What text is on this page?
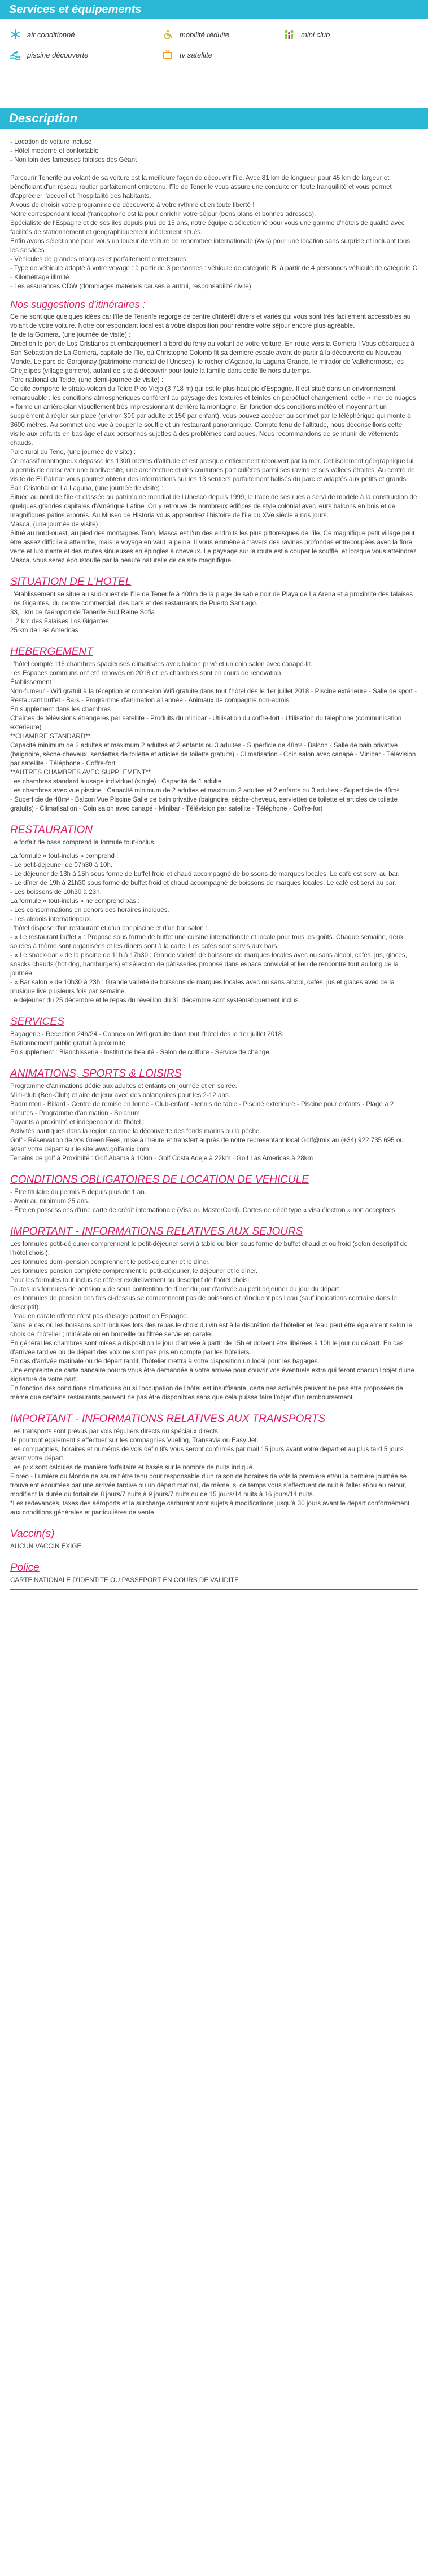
Services et équipements
air conditionné	mobilité réduite	mini club
piscine découverte	tv satellite
Description

- Location de voiture incluse

- Hôtel moderne et confortable

- Non loin des fameuses falaises des Géant

Parcourir Tenerife au volant de sa voiture est la meilleure façon de découvrir l'île. Avec 81 km de longueur pour 45 km de largeur et bénéficiant d'un réseau routier parfaitement entretenu, l'île de Tenerife vous assure une conduite en toute tranquillité et vous permet d'apprécier l'accueil et l'hospitalité des habitants.

A vous de choisir votre programme de découverte à votre rythme et en toute liberté !

Notre correspondant local (francophone est là pour enrichir votre séjour (bons plans et bonnes adresses).

Spécialiste de l'Espagne et de ses îles depuis plus de 15 ans, notre équipe a sélectionné pour vous une gamme d'hôtels de qualité avec facilités de stationnement et géographiquement idéalement situés.

Enfin avons sélectionné pour vous un loueur de voiture de renommée internationale (Avis) pour une location sans surprise et incluant tous les services :

- Véhicules de grandes marques et parfaitement entretenues

- Type de véhicule adapté à votre voyage : à partir de 3 personnes : véhicule de catégorie B, à partir de 4 personnes véhicule de catégorie C

- Kilométrage illimité

- Les assurances CDW (dommages matériels causés à autrui, responsabilité civile)

Nos suggestions d'itinéraires :

Ce ne sont que quelques idées car l'île de Tenerife regorge de centre d'intérêt divers et variés qui vous sont très facilement accessibles au volant de votre voiture. Notre correspondant local est à votre disposition pour rendre votre séjour encore plus agréable.

Ile de la Gomera, (une journée de visite) :

Direction le port de Los Cristianos et embarquement à bord du ferry au volant de votre voiture. En route vers la Gomera ! Vous débarquez à San Sebastian de La Gomera, capitale de l'île, où Christophe Colomb fit sa dernière escale avant de partir à la découverte du Nouveau Monde. Le parc de Garajonay (patrimoine mondial de l'Unesco), le rocher d'Agando, la Laguna Grande, le mirador de Vallehermoso, les Chejelipes (village gomero), autant de site à découvrir pour toute la famille dans cette île hors du temps.

Parc national du Teide, (une demi-journée de visite) :

Ce site comporte le strato-volcan du Teide Pico Viejo (3 718 m) qui est le plus haut pic d'Espagne. Il est situé dans un environnement remarquable : les conditions atmosphériques confèrent au paysage des textures et teintes en perpétuel changement, cette « mer de nuages » forme un arrière-plan visuellement très impressionnant derrière la montagne. En fonction des conditions météo et moyennant un supplément à régler sur place (environ 30€ par adulte et 15€ par enfant), vous pouvez accéder au sommet par le téléphérique qui monte à 3600 mètres. Au sommet une vue à couper le souffle et un restaurant panoramique. Compte tenu de l'altitude, nous déconseillons cette visite aux enfants en bas âge et aux personnes sujettes à des problèmes cardiaques. Nous recommandons de se munir de vêtements chauds.

Parc rural du Teno, (une journée de visite) :

Ce massif montagneux dépasse les 1300 mètres d'altitude et est presque entièrement recouvert par la mer. Cet isolement géographique lui a permis de conserver une biodiversité, une architecture et des coutumes particulières parmi ses ravins et ses vallées étroites. Au centre de visite de El Palmar vous pourrez obtenir des informations sur les 13 sentiers parfaitement balisés du parc et adaptés aux petits et grands.

San Cristobal de La Laguna, (une journée de visite) :

Située au nord de l'île et classée au patrimoine mondial de l'Unesco depuis 1999, le tracé de ses rues a servi de modèle à la construction de quelques grandes capitales d'Amérique Latine. On y retrouve de nombreux édifices de style colonial avec leurs balcons en bois et de magnifiques patios arborés. Au Museo de Historia vous apprendrez l'histoire de l'île du XVe siècle à nos jours.

Masca, (une journée de visite) :

Situé au nord-ouest, au pied des montagnes Teno, Masca est l'un des endroits les plus pittoresques de l'île. Ce magnifique petit village peut être assez difficile à atteindre, mais le voyage en vaut la peine. Il vous emmène à travers des ravines profondes entrecoupées avec la flore verte et luxuriante et des routes sinueuses en épingles à cheveux. Le paysage sur la route est à couper le souffle, et lorsque vous atteindrez Masca, vous serez époustouflé par la beauté naturelle de ce site magnifique.

SITUATION DE L'HOTEL

L'établissement se situe au sud-ouest de l'île de Tenerife à 400m de la plage de sable noir de Playa de La Arena et à proximité des falaises Los Gigantes, du centre commercial, des bars et des restaurants de Puerto Santiago.

33,1 km de l'aéroport de Tenerife Sud Reine Sofia

1,2 km des Falaises Los Gigantes

25 km de Las Americas

HEBERGEMENT

L'hôtel compte 116 chambres spacieuses climatisées avec balcon privé et un coin salon avec canapé-lit.

Les Espaces communs ont été rénovés en 2018 et les chambres sont en cours de rénovation.

Établissement :

Non-fumeur - Wifi gratuit à la réception et connexion Wifi gratuite dans tout l'hôtel dès le 1er juillet 2018 - Piscine extérieure - Salle de sport - Restaurant buffet - Bars - Programme d'animation à l'année - Animaux de compagnie non-admis.

En supplément dans les chambres :

Chaînes de télévisions étrangères par satellite - Produits du minibar - Utilisation du coffre-fort - Utilisation du téléphone (communication extérieure)

**CHAMBRE STANDARD**

Capacité minimum de 2 adultes et maximum 2 adultes et 2 enfants ou 3 adultes - Superficie de 48m² - Balcon - Salle de bain privative (baignoire, sèche-cheveux, serviettes de toilette et articles de toilette gratuits) - Climatisation - Coin salon avec canapé - Minibar - Télévision par satellite - Téléphone - Coffre-fort

**AUTRES CHAMBRES AVEC SUPPLEMENT**

Les chambres standard à usage individuel (single) : Capacité de 1 adulte

Les chambres avec vue piscine : Capacité minimum de 2 adultes et maximum 2 adultes et 2 enfants ou 3 adultes - Superficie de 48m²

- Superficie de 48m² - Balcon Vue Piscine Salle de bain privative (baignoire, sèche-cheveux, serviettes de toilette et articles de toilette gratuits) - Climatisation - Coin salon avec canapé - Minibar - Télévision par satellite - Téléphone - Coffre-fort

RESTAURATION

Le forfait de base comprend la formule tout-inclus.

La formule « tout-inclus » comprend :

- Le petit-déjeuner de 07h30 à 10h.

- Le déjeuner de 13h à 15h sous forme de buffet froid et chaud accompagné de boissons de marques locales. Le café est servi au bar.

- Le dîner de 19h à 21h30 sous forme de buffet froid et chaud accompagné de boissons de marques locales. Le café est servi au bar.

- Les boissons de 10h30 à 23h.

La formule « tout-inclus » ne comprend pas :

- Les consommations en dehors des horaires indiqués.

- Les alcools internationaux.

L'hôtel dispose d'un restaurant et d'un bar piscine et d'un bar salon :

- « Le restaurant buffet » : Propose sous forme de buffet une cuisine internationale et locale pour tous les goûts. Chaque semaine, deux soirées à thème sont organisées et les dîners sont à la carte. Les cafés sont servis aux bars.

- « Le snack-bar » de la piscine de 11h à 17h30 : Grande variété de boissons de marques locales avec ou sans alcool, cafés, jus, glaces, snacks chauds (hot dog, hamburgers) et sélection de pâtisseries proposé dans espace convivial et lieu de rencontre tout au long de la journée.

- « Bar salon » de 10h30 à 23h : Grande variété de boissons de marques locales avec ou sans alcool, cafés, jus et glaces avec de la musique live plusieurs fois par semaine.

Le déjeuner du 25 décembre et le repas du réveillon du 31 décembre sont systématiquement inclus.

SERVICES

Bagagerie - Reception 24h/24 - Connexion Wifi gratuite dans tout l'hôtel dès le 1er juillet 2018.

Stationnement public gratuit à proximité.

En supplément : Blanchisserie - Institut de beauté - Salon de coiffure - Service de change

ANIMATIONS, SPORTS & LOISIRS

Programme d'animations dédié aux adultes et enfants en journée et en soirée.

Mini-club (Ben-Club) et aire de jeux avec des balançoires pour les 2-12 ans.

Badminton - Billard - Centre de remise en forme - Club-enfant - tennis de table - Piscine extérieure - Piscine pour enfants - Plage à 2 minutes - Programme d'animation - Solarium

Payants à proximité et indépendant de l'hôtel :

Activités nautiques dans la région comme la découverte des fonds marins ou la pêche.

Golf - Réservation de vos Green Fees, mise à l'heure et transfert auprès de notre représentant local Golf@mix au (+34) 922 735 695 ou avant votre départ sur le site www.golfamix.com

Terrains de golf à Proximité : Golf Abama à 10km - Golf Costa Adeje à 22km - Golf Las Americas à 28km

CONDITIONS OBLIGATOIRES DE LOCATION DE VEHICULE

- Être titulaire du permis B depuis plus de 1 an.

- Avoir au minimum 25 ans.

- Être en possessions d'une carte de crédit internationale (Visa ou MasterCard). Cartes de débit type « visa électron » non acceptées.

IMPORTANT - INFORMATIONS RELATIVES AUX SEJOURS

Les formules petit-déjeuner comprennent le petit-déjeuner servi à table ou bien sous forme de buffet chaud et ou froid (selon descriptif de l'hôtel choisi).

Les formules demi-pension comprennent le petit-déjeuner et le dîner.

Les formules pension complète comprennent le petit-déjeuner, le déjeuner et le dîner.

Pour les formules tout inclus se référer exclusivement au descriptif de l'hôtel choisi.

Toutes les formules de pension « de sous contention de dîner du jour d'arrivée au petit déjeuner du jour du départ.

Les formules de pension des fois ci-dessus se comprennent pas de boissons et n'incluent pas l'eau (sauf indications contraire dans le descriptif).

L'eau en carafe offerte n'est pas d'usage partout en Espagne.

Dans le cas où les boissons sont incluses lors des repas le choix du vin est à la discrétion de l'hôtelier et l'eau peut être également selon le choix de l'hôtelier ; minérale ou en bouteille ou filtrée servie en carafe.

En général les chambres sont mises à disposition le jour d'arrivée à partir de 15h et doivent être libérées à 10h le jour du départ. En cas d'arrivée tardive ou de départ des voix ne sont pas pris en compte par les hôteliers.

En cas d'arrivée matinale ou de départ tardif, l'hôtelier mettra à votre disposition un local pour les bagages.

Une empreinte de carte bancaire pourra vous être demandée à votre arrivée pour couvrir vos éventuels extra qui feront chacun l'objet d'une signature de votre part.

En fonction des conditions climatiques ou si l'occupation de l'hôtel est insuffisante, certaines activités peuvent ne pas être proposées de même que certains restaurants peuvent ne pas être disponibles sans que cela puisse faire l'objet d'un remboursement.

IMPORTANT - INFORMATIONS RELATIVES AUX TRANSPORTS

Les transports sont prévus par vols réguliers directs ou spéciaux directs.

Ils pourront également s'effectuer sur les compagnies Vueling, Transavia ou Easy Jet.

Les compagnies, horaires et numéros de vols définitifs vous seront confirmés par mail 15 jours avant votre départ et au plus tard 5 jours avant votre départ.

Les prix sont calculés de manière forfaitaire et basés sur le nombre de nuits indiqué.

Floreo - Lumière du Monde ne saurait être tenu pour responsable d'un raison de horaires de vols la première et/ou la dernière journée se trouvaient écourtées par une arrivée tardive ou un départ matinal, de même, si ce temps vous s'effectuent de nuit à l'aller et/ou au retour, modifiant la durée du forfait de 8 jours/7 nuits à 9 jours/7 nuits ou de 15 jours/14 nuits à 16 jours/14 nuits.

*Les redevances, taxes des aéroports et la surcharge carburant sont sujets à modifications jusqu'à 30 jours avant le départ conformément aux conditions générales et particulières de vente.

Vaccin(s)

AUCUN VACCIN EXIGE.

Police

CARTE NATIONALE D'IDENTITE OU PASSEPORT EN COURS DE VALIDITE
